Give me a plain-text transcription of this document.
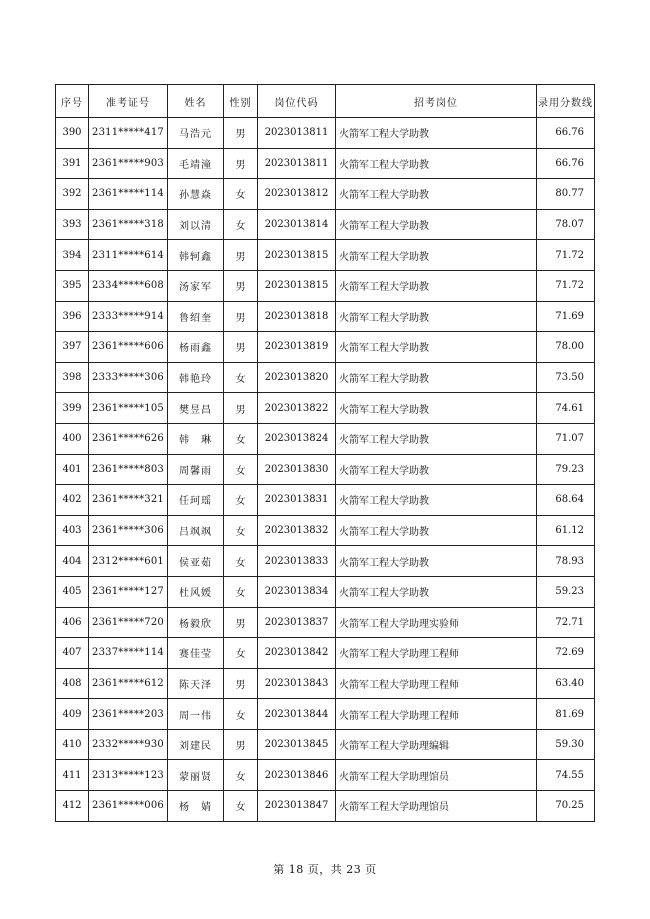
序号	准考证号	姓名	性别	岗位代码	招考岗位	录用分数线
390	2311*****417	马浩元	男	2023013811	火箭军工程大学助教	66.76
391	2361*****903	毛靖潼	男	2023013811	火箭军工程大学助教	66.76
392	2361*****114	孙慧焱	女	2023013812	火箭军工程大学助教	80.77
393	2361*****318	刘以清	女	2023013814	火箭军工程大学助教	78.07
394	2311*****614	韩轲鑫	男	2023013815	火箭军工程大学助教	71.72
395	2334*****608	汤家军	男	2023013815	火箭军工程大学助教	71.72
396	2333*****914	鲁绍奎	男	2023013818	火箭军工程大学助教	71.69
397	2361*****606	杨雨鑫	男	2023013819	火箭军工程大学助教	78.00
398	2333*****306	韩艳玲	女	2023013820	火箭军工程大学助教	73.50
399	2361*****105	樊昱昌	男	2023013822	火箭军工程大学助教	74.61
400	2361*****626	韩　琳	女	2023013824	火箭军工程大学助教	71.07
401	2361*****803	周馨雨	女	2023013830	火箭军工程大学助教	79.23
402	2361*****321	任珂瑶	女	2023013831	火箭军工程大学助教	68.64
403	2361*****306	吕飒飒	女	2023013832	火箭军工程大学助教	61.12
404	2312*****601	侯亚茹	女	2023013833	火箭军工程大学助教	78.93
405	2361*****127	杜风媛	女	2023013834	火箭军工程大学助教	59.23
406	2361*****720	杨毅欣	男	2023013837	火箭军工程大学助理实验师	72.71
407	2337*****114	赛佳莹	女	2023013842	火箭军工程大学助理工程师	72.69
408	2361*****612	陈天泽	男	2023013843	火箭军工程大学助理工程师	63.40
409	2361*****203	周一伟	女	2023013844	火箭军工程大学助理工程师	81.69
410	2332*****930	刘建民	男	2023013845	火箭军工程大学助理编辑	59.30
411	2313*****123	蒙丽贤	女	2023013846	火箭军工程大学助理馆员	74.55
412	2361*****006	杨　婧	女	2023013847	火箭军工程大学助理馆员	70.25
第 18 页，共 23 页
